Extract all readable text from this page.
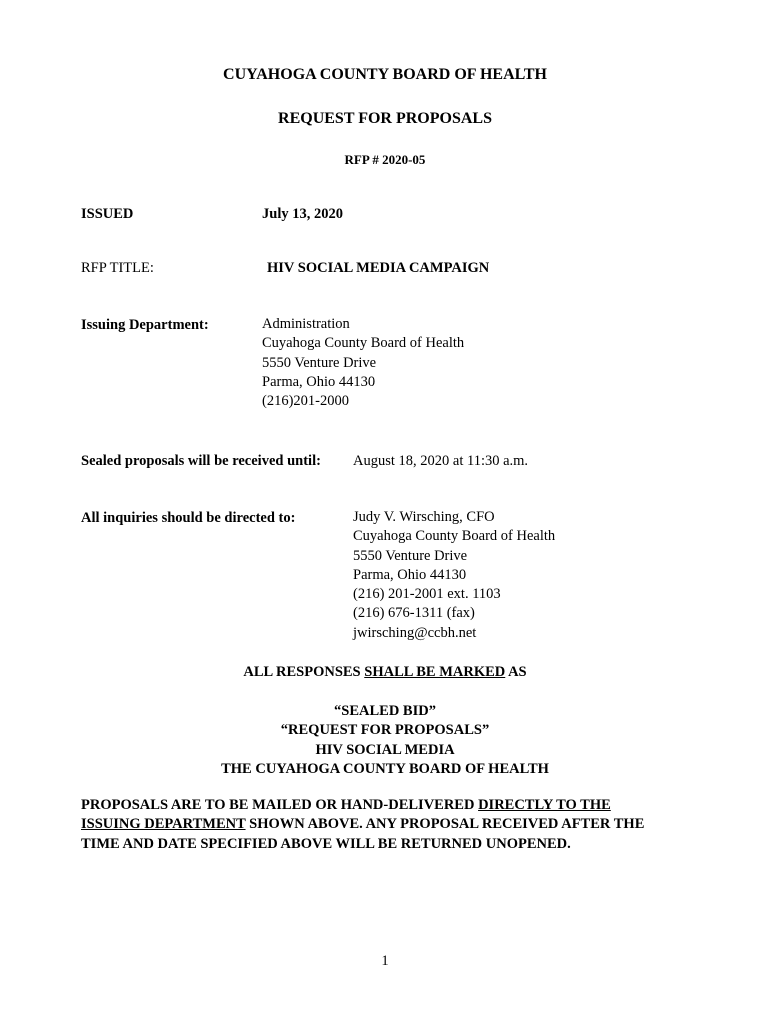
CUYAHOGA COUNTY BOARD OF HEALTH
REQUEST FOR PROPOSALS
RFP # 2020-05
ISSUED	July 13, 2020
RFP TITLE:	HIV SOCIAL MEDIA CAMPAIGN
Issuing Department:	Administration
Cuyahoga County Board of Health
5550 Venture Drive
Parma, Ohio 44130
(216)201-2000
Sealed proposals will be received until: August 18, 2020 at 11:30 a.m.
All inquiries should be directed to:	Judy V. Wirsching, CFO
Cuyahoga County Board of Health
5550 Venture Drive
Parma, Ohio 44130
(216) 201-2001 ext. 1103
(216) 676-1311 (fax)
jwirsching@ccbh.net
ALL RESPONSES SHALL BE MARKED AS
“SEALED BID”
“REQUEST FOR PROPOSALS”
HIV SOCIAL MEDIA
THE CUYAHOGA COUNTY BOARD OF HEALTH
PROPOSALS ARE TO BE MAILED OR HAND-DELIVERED DIRECTLY TO THE
ISSUING DEPARTMENT SHOWN ABOVE. ANY PROPOSAL RECEIVED AFTER THE
TIME AND DATE SPECIFIED ABOVE WILL BE RETURNED UNOPENED.
1
